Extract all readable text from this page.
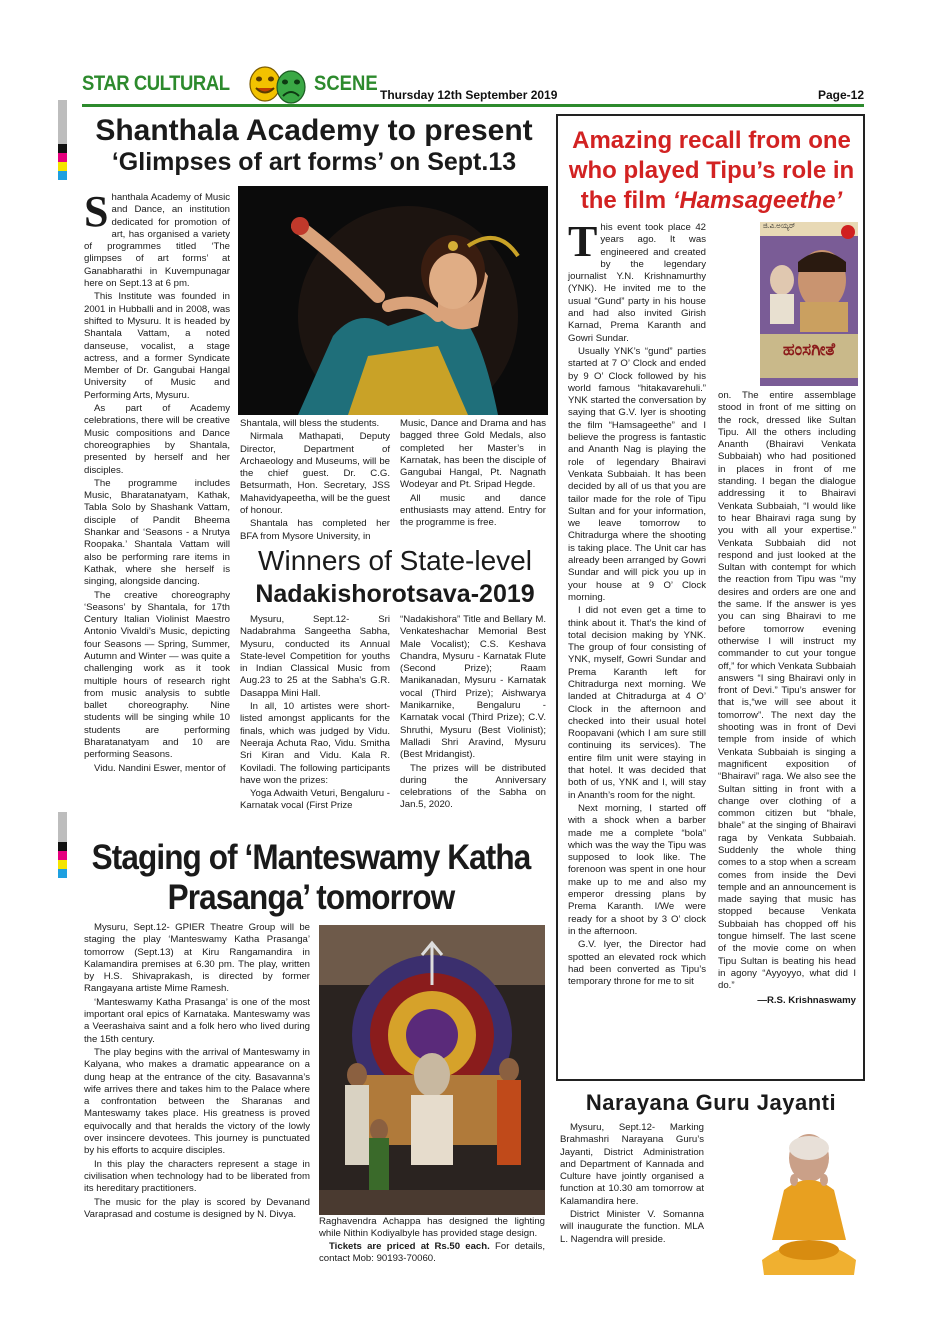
STAR CULTURAL	SCENE Thursday 12th September 2019	Page-12
Shanthala Academy to present
‘Glimpses of art forms’ on Sept.13

Shanthala Academy of Music and Dance, an institution dedicated for promotion of art, has organised a variety of programmes titled ‘The glimpses of art forms’ at Ganabharathi in Kuvempunagar here on Sept.13 at 6 pm.

This Institute was founded in 2001 in Hubballi and in 2008, was shifted to Mysuru. It is headed by Shantala Vattam, a noted danseuse, vocalist, a stage actress, and a former Syndicate Member of Dr. Gangubai Hangal University of Music and Performing Arts, Mysuru.

As part of Academy celebrations, there will be creative Music compositions and Dance choreographies by Shantala, presented by herself and her disciples.

The programme includes Music, Bharatanatyam, Kathak, Tabla Solo by Shashank Vattam, disciple of Pandit Bheema Shankar and ‘Seasons - a Nrutya Roopaka.’ Shantala Vattam will also be performing rare items in Kathak, where she herself is singing, alongside dancing.

The creative choreography ‘Seasons’ by Shantala, for 17th Century Italian Violinist Maestro Antonio Vivaldi’s Music, depicting four Seasons — Spring, Summer, Autumn and Winter — was quite a challenging work as it took multiple hours of research right from music analysis to subtle ballet choreography. Nine students will be singing while 10 students are performing Bharatanatyam and 10 are performing Seasons.

Vidu. Nandini Eswer, mentor of

Shantala, will bless the students.

Nirmala Mathapati, Deputy Director, Department of Archaeology and Museums, will be the chief guest. Dr. C.G. Betsurmath, Hon. Secretary, JSS Mahavidyapeetha, will be the guest of honour.

Shantala has completed her BFA from Mysore University, in

Music, Dance and Drama and has bagged three Gold Medals, also completed her Master’s in Karnatak, has been the disciple of Gangubai Hangal, Pt. Nagnath Wodeyar and Pt. Sripad Hegde.

All music and dance enthusiasts may attend. Entry for the programme is free.

Winners of State-level
Nadakishorotsava-2019

Mysuru, Sept.12- Sri Nadabrahma Sangeetha Sabha, Mysuru, conducted its Annual State-level Competition for youths in Indian Classical Music from Aug.23 to 25 at the Sabha’s G.R. Dasappa Mini Hall.

In all, 10 artistes were short-listed amongst applicants for the finals, which was judged by Vidu. Neeraja Achuta Rao, Vidu. Smitha Sri Kiran and Vidu. Kala R. Koviladi. The following participants have won the prizes:

Yoga Adwaith Veturi, Bengaluru - Karnatak vocal (First Prize

“Nadakishora” Title and Bellary M. Venkateshachar Memorial Best Male Vocalist); C.S. Keshava Chandra, Mysuru - Karnatak Flute (Second Prize); Raam Manikanadan, Mysuru - Karnatak vocal (Third Prize); Aishwarya Manikarnike, Bengaluru - Karnatak vocal (Third Prize); C.V. Shruthi, Mysuru (Best Violinist); Malladi Shri Aravind, Mysuru (Best Mridangist).

The prizes will be distributed during the Anniversary celebrations of the Sabha on Jan.5, 2020.

Staging of ‘Manteswamy Katha
Prasanga’ tomorrow

Mysuru, Sept.12- GPIER Theatre Group will be staging the play ‘Manteswamy Katha Prasanga’ tomorrow (Sept.13) at Kiru Rangamandira in Kalamandira premises at 6.30 pm. The play, written by H.S. Shivaprakash, is directed by former Rangayana artiste Mime Ramesh.

‘Manteswamy Katha Prasanga’ is one of the most important oral epics of Karnataka. Manteswamy was a Veerashaiva saint and a folk hero who lived during the 15th century.

The play begins with the arrival of Manteswamy in Kalyana, who makes a dramatic appearance on a dung heap at the entrance of the city. Basavanna’s wife arrives there and takes him to the Palace where a confrontation between the Sharanas and Manteswamy takes place. His greatness is proved equivocally and that heralds the victory of the lowly over insincere devotees. This journey is punctuated by his efforts to acquire disciples.

In this play the characters represent a stage in civilisation when technology had to be liberated from its hereditary practitioners.

The music for the play is scored by Devanand Varaprasad and costume is designed by N. Divya.

Raghavendra Achappa has designed the lighting while Nithin Kodiyalbyle has provided stage design.

Tickets are priced at Rs.50 each. For details, contact Mob: 90193-70060.

Amazing recall from one who played Tipu’s role in the film ‘Hamsageethe’

This event took place 42 years ago. It was engineered and created by the legendary journalist Y.N. Krishnamurthy (YNK). He invited me to the usual “Gund” party in his house and had also invited Girish Karnad, Prema Karanth and Gowri Sundar.

Usually YNK’s “gund” parties started at 7 O’ Clock and ended by 9 O’ Clock followed by his world famous “hitakavarehuli.” YNK started the conversation by saying that G.V. Iyer is shooting the film “Hamsageethe” and I believe the progress is fantastic and Ananth Nag is playing the role of legendary Bhairavi Venkata Subbaiah. It has been decided by all of us that you are tailor made for the role of Tipu Sultan and for your information, we leave tomorrow to Chitradurga where the shooting is taking place. The Unit car has already been arranged by Gowri Sundar and will pick you up in your house at 9 O’ Clock morning.

I did not even get a time to think about it. That’s the kind of total decision making by YNK. The group of four consisting of YNK, myself, Gowri Sundar and Prema Karanth left for Chitradurga next morning. We landed at Chitradurga at 4 O’ Clock in the afternoon and checked into their usual hotel Roopavani (which I am sure still continuing its services). The entire film unit were staying in that hotel. It was decided that both of us, YNK and I, will stay in Ananth’s room for the night.

Next morning, I started off with a shock when a barber made me a complete “bola” which was the way the Tipu was supposed to look like. The forenoon was spent in one hour make up to me and also my emperor dressing plans by Prema Karanth. I/We were ready for a shoot by 3 O’ clock in the afternoon.

G.V. Iyer, the Director had spotted an elevated rock which had been converted as Tipu’s temporary throne for me to sit

ಜಿ.ವಿ.ಅಯ್ಯರ್
ಹಂಸಗೀತೆ

on. The entire assemblage stood in front of me sitting on the rock, dressed like Sultan Tipu. All the others including Ananth (Bhairavi Venkata Subbaiah) who had positioned in places in front of me standing. I began the dialogue addressing it to Bhairavi Venkata Subbaiah, “I would like to hear Bhairavi raga sung by you with all your expertise.” Venkata Subbaiah did not respond and just looked at the Sultan with contempt for which the reaction from Tipu was “my desires and orders are one and the same. If the answer is yes you can sing Bhairavi to me before tomorrow evening otherwise I will instruct my commander to cut your tongue off,” for which Venkata Subbaiah answers “I sing Bhairavi only in front of Devi.” Tipu’s answer for that is,“we will see about it tomorrow”. The next day the shooting was in front of Devi temple from inside of which Venkata Subbaiah is singing a magnificent exposition of “Bhairavi” raga. We also see the Sultan sitting in front with a change over clothing of a common citizen but “bhale, bhale” at the singing of Bhairavi raga by Venkata Subbaiah. Suddenly the whole thing comes to a stop when a scream comes from inside the Devi temple and an announcement is made saying that music has stopped because Venkata Subbaiah has chopped off his tongue himself. The last scene of the movie come on when Tipu Sultan is beating his head in agony “Ayyoyyo, what did I do.”

—R.S. Krishnaswamy

Narayana Guru Jayanti

Mysuru, Sept.12- Marking Brahmashri Narayana Guru’s Jayanti, District Administration and Department of Kannada and Culture have jointly organised a function at 10.30 am tomorrow at Kalamandira here.

District Minister V. Somanna will inaugurate the function. MLA L. Nagendra will preside.
